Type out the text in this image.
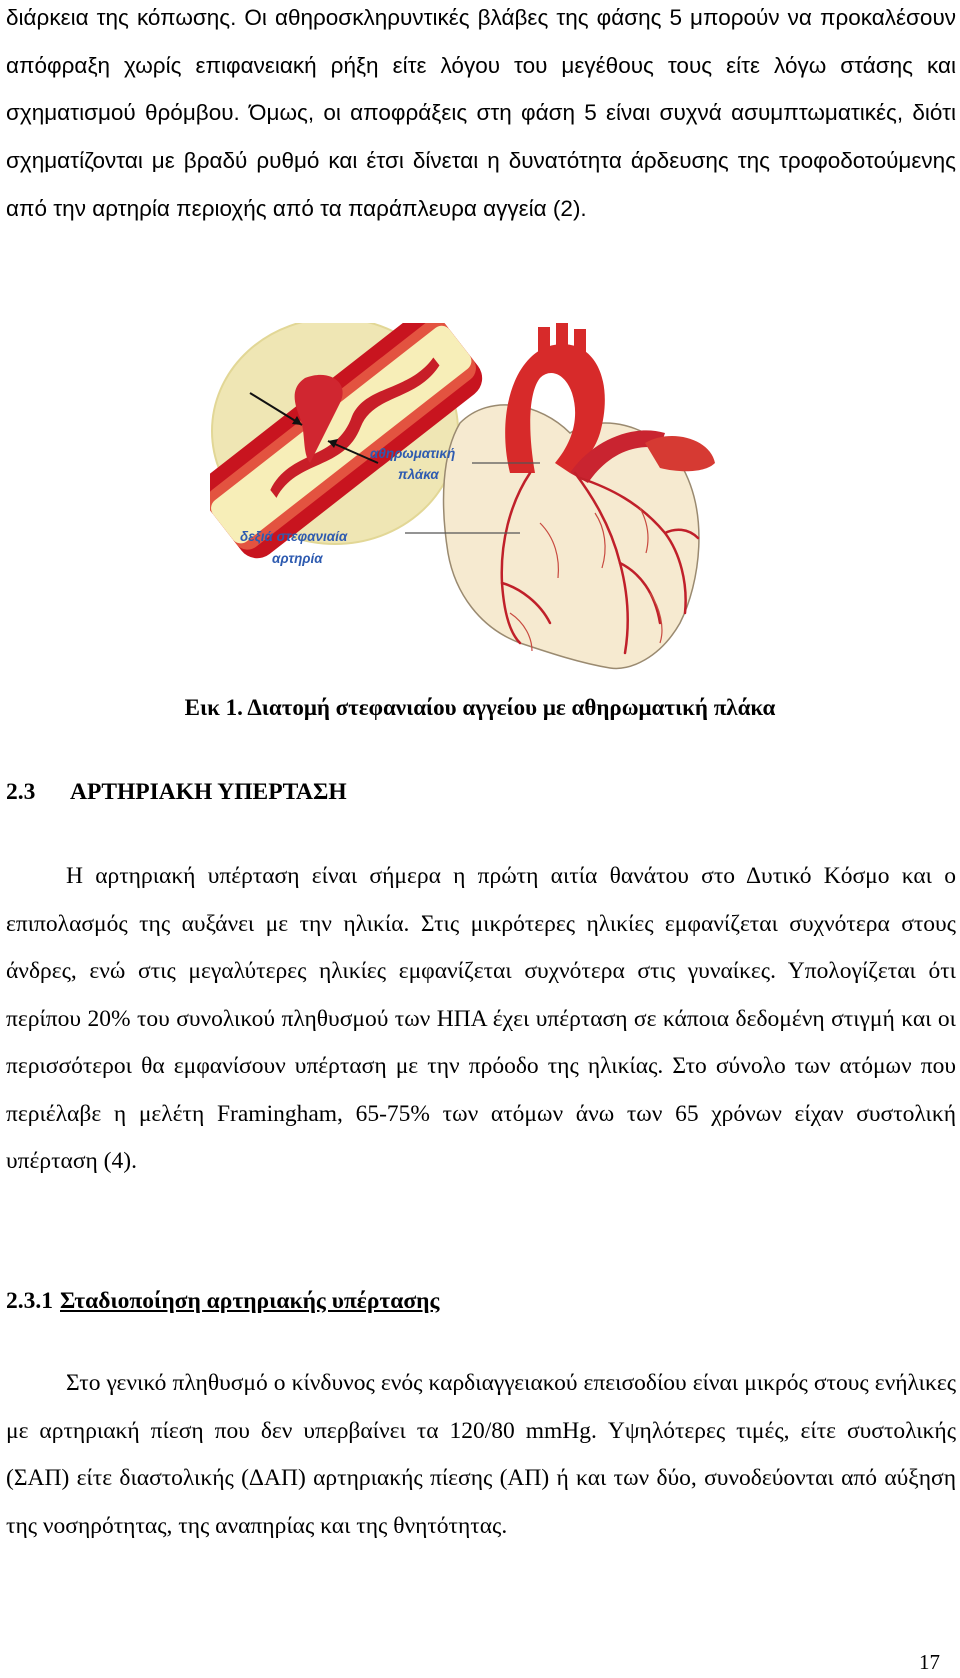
διάρκεια της κόπωσης. Οι αθηροσκληρυντικές βλάβες της φάσης 5 μπορούν να προκαλέσουν απόφραξη χωρίς επιφανειακή ρήξη είτε λόγου του μεγέθους τους είτε λόγω στάσης και σχηματισμού θρόμβου. Όμως, οι αποφράξεις στη φάση 5 είναι συχνά ασυμπτωματικές, διότι σχηματίζονται με βραδύ ρυθμό και έτσι δίνεται η δυνατότητα άρδευσης της τροφοδοτούμενης από την αρτηρία περιοχής από τα παράπλευρα αγγεία (2).

αθηρωματική
πλάκα
δεξιά στεφανιαία
αρτηρία

Εικ 1. Διατομή στεφανιαίου αγγείου με αθηρωματική πλάκα

2.3 ΑΡΤΗΡΙΑΚΗ ΥΠΕΡΤΑΣΗ

Η αρτηριακή υπέρταση είναι σήμερα η πρώτη αιτία θανάτου στο Δυτικό Κόσμο και ο επιπολασμός της αυξάνει με την ηλικία. Στις μικρότερες ηλικίες εμφανίζεται συχνότερα στους άνδρες, ενώ στις μεγαλύτερες ηλικίες εμφανίζεται συχνότερα στις γυναίκες. Υπολογίζεται ότι περίπου 20% του συνολικού πληθυσμού των ΗΠΑ έχει υπέρταση σε κάποια δεδομένη στιγμή και οι περισσότεροι θα εμφανίσουν υπέρταση με την πρόοδο της ηλικίας. Στο σύνολο των ατόμων που περιέλαβε η μελέτη Framingham, 65-75% των ατόμων άνω των 65 χρόνων είχαν συστολική υπέρταση (4).

2.3.1 Σταδιοποίηση αρτηριακής υπέρτασης

Στο γενικό πληθυσμό ο κίνδυνος ενός καρδιαγγειακού επεισοδίου είναι μικρός στους ενήλικες με αρτηριακή πίεση που δεν υπερβαίνει τα 120/80 mmHg. Υψηλότερες τιμές, είτε συστολικής (ΣΑΠ) είτε διαστολικής (ΔΑΠ) αρτηριακής πίεσης (ΑΠ) ή και των δύο, συνοδεύονται από αύξηση της νοσηρότητας, της αναπηρίας και της θνητότητας.

17
